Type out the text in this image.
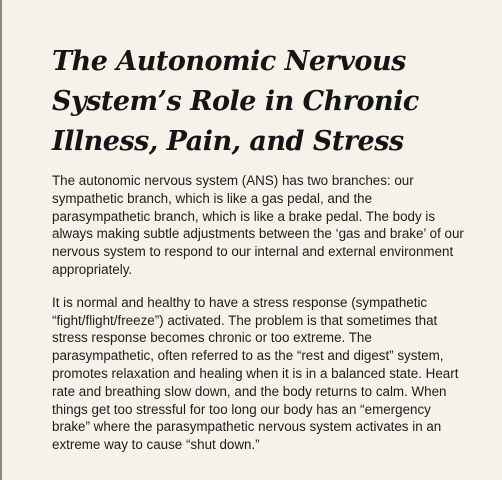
The Autonomic Nervous System’s Role in Chronic Illness, Pain, and Stress

The autonomic nervous system (ANS) has two branches: our sympathetic branch, which is like a gas pedal, and the parasympathetic branch, which is like a brake pedal. The body is always making subtle adjustments between the ‘gas and brake’ of our nervous system to respond to our internal and external environment appropriately.

It is normal and healthy to have a stress response (sympathetic “fight/flight/freeze”) activated. The problem is that sometimes that stress response becomes chronic or too extreme. The parasympathetic, often referred to as the “rest and digest” system, promotes relaxation and healing when it is in a balanced state. Heart rate and breathing slow down, and the body returns to calm. When things get too stressful for too long our body has an “emergency brake” where the parasympathetic nervous system activates in an extreme way to cause “shut down.”
